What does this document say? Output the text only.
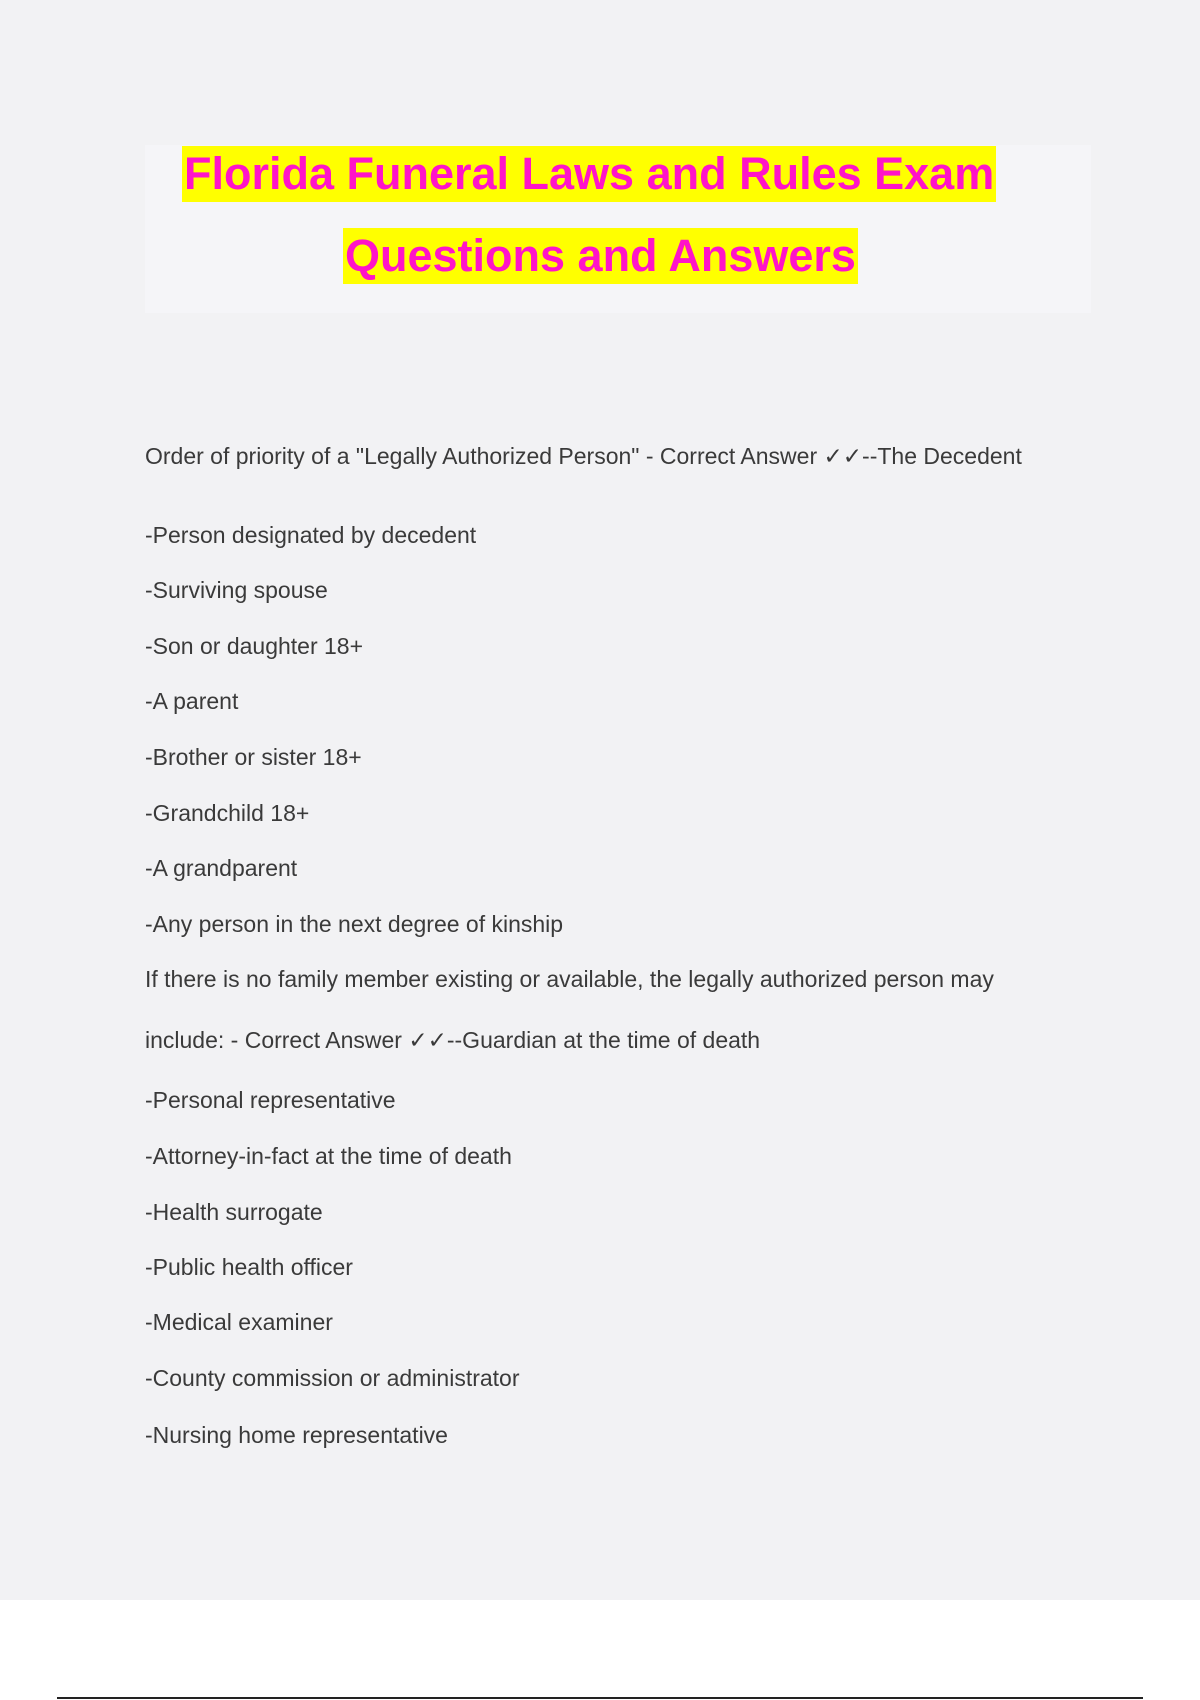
Florida Funeral Laws and Rules Exam
Questions and Answers
Order of priority of a "Legally Authorized Person" - Correct Answer ✓✓--The Decedent
-Person designated by decedent
-Surviving spouse
-Son or daughter 18+
-A parent
-Brother or sister 18+
-Grandchild 18+
-A grandparent
-Any person in the next degree of kinship
If there is no family member existing or available, the legally authorized person may
include: - Correct Answer ✓✓--Guardian at the time of death
-Personal representative
-Attorney-in-fact at the time of death
-Health surrogate
-Public health officer
-Medical examiner
-County commission or administrator
-Nursing home representative
